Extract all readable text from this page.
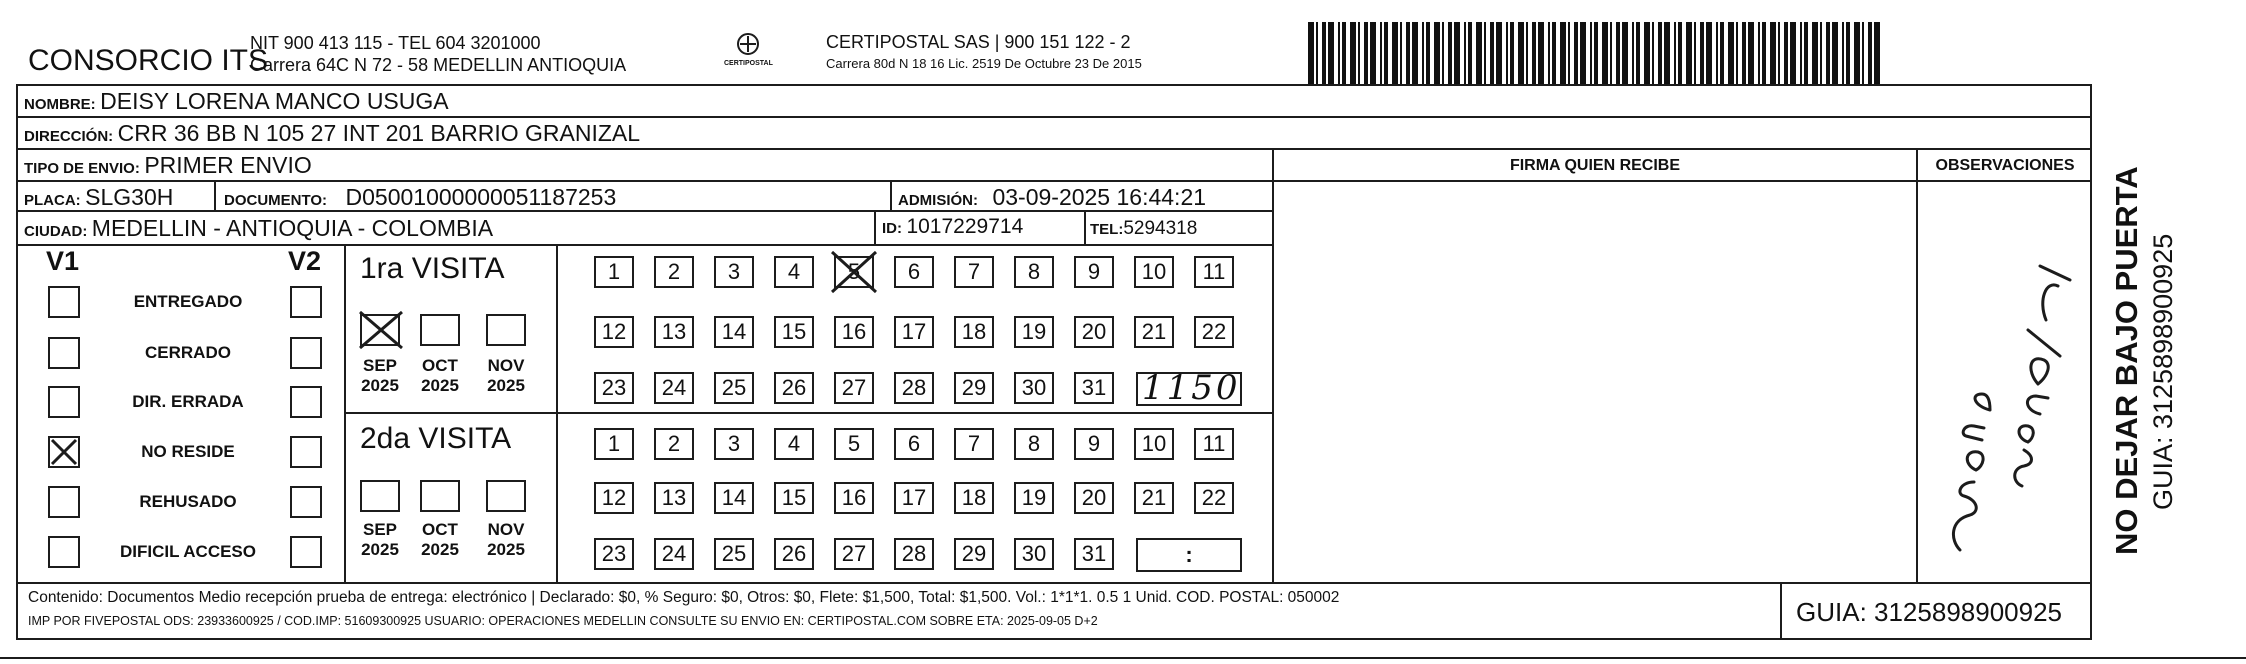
CONSORCIO ITS
NIT 900 413 115 - TEL 604 3201000
Carrera 64C N 72 - 58 MEDELLIN ANTIOQUIA	CERTIPOSTAL
CERTIPOSTAL SAS | 900 151 122 - 2
Carrera 80d N 18 16 Lic. 2519 De Octubre 23 De 2015
NOMBRE: DEISY LORENA MANCO USUGA
DIRECCIÓN: CRR 36 BB N 105 27 INT 201 BARRIO GRANIZAL
TIPO DE ENVIO: PRIMER ENVIO
PLACA: SLG30H	DOCUMENTO: D05001000000051187253	ADMISIÓN: 03-09-2025 16:44:21
CIUDAD: MEDELLIN - ANTIOQUIA - COLOMBIA	ID: 1017229714	TEL:5294318
FIRMA QUIEN RECIBE	OBSERVACIONES
V1	V2
ENTREGADO
CERRADO
DIR. ERRADA
NO RESIDE
REHUSADO
DIFICIL ACCESO
1ra VISITA
SEP
2025
OCT
2025
NOV
2025
1	2	3	4	5	6	7	8	9	10	11
12	13	14	15	16	17	18	19	20	21	22
23	24	25	26	27	28	29	30	31 1150
2da VISITA
SEP
2025
OCT
2025
NOV
2025
1	2	3	4	5	6	7	8	9	10	11
12	13	14	15	16	17	18	19	20	21	22
23	24	25	26	27	28	29	30	31	:
Contenido: Documentos Medio recepción prueba de entrega: electrónico | Declarado: $0, % Seguro: $0, Otros: $0, Flete: $1,500, Total: $1,500. Vol.: 1*1*1. 0.5 1 Unid. COD. POSTAL: 050002
IMP POR FIVEPOSTAL ODS: 23933600925 / COD.IMP: 51609300925 USUARIO: OPERACIONES MEDELLIN CONSULTE SU ENVIO EN: CERTIPOSTAL.COM SOBRE ETA: 2025-09-05 D+2	GUIA: 3125898900925
NO DEJAR BAJO PUERTA GUIA: 3125898900925
